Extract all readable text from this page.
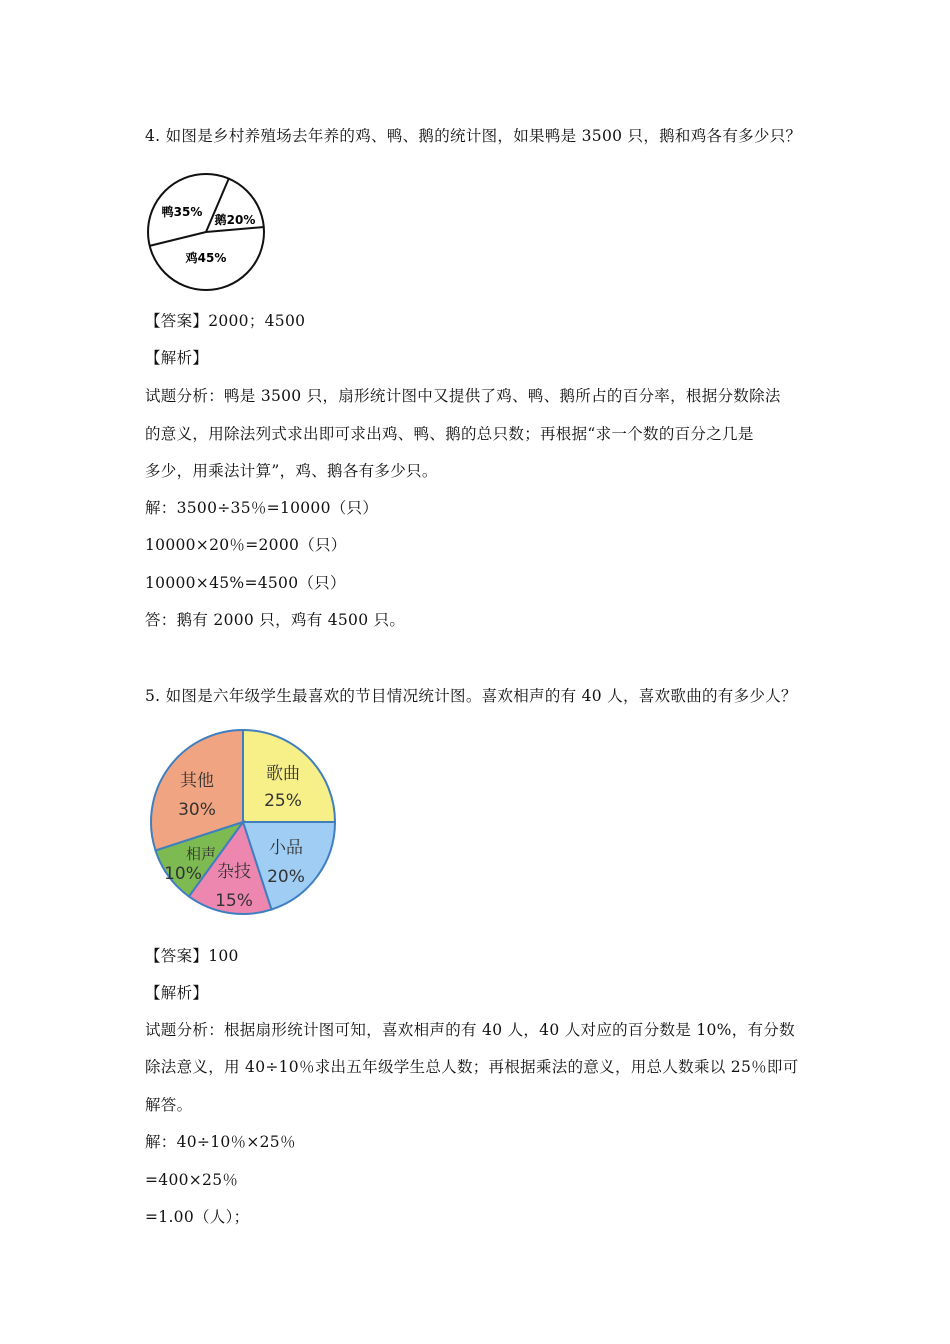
4. 如图是乡村养殖场去年养的鸡、鸭、鹅的统计图，如果鸭是 3500 只，鹅和鸡各有多少只？
鸭35%
鹅20%
鸡45%
【答案】2000；4500
【解析】
试题分析：鸭是 3500 只，扇形统计图中又提供了鸡、鸭、鹅所占的百分率，根据分数除法
的意义，用除法列式求出即可求出鸡、鸭、鹅的总只数；再根据“求一个数的百分之几是
多少，用乘法计算”，鸡、鹅各有多少只。
解：3500÷35％=10000（只）
10000×20％=2000（只）
10000×45%=4500（只）
答：鹅有 2000 只，鸡有 4500 只。
5. 如图是六年级学生最喜欢的节目情况统计图。喜欢相声的有 40 人，喜欢歌曲的有多少人？
歌曲
25%
小品
20%
杂技
15%
相声
10%
其他
30%
【答案】100
【解析】
试题分析：根据扇形统计图可知，喜欢相声的有 40 人，40 人对应的百分数是 10%，有分数
除法意义，用 40÷10％求出五年级学生总人数；再根据乘法的意义，用总人数乘以 25％即可
解答。
解：40÷10％×25％
=400×25％
=1.00（人）；
